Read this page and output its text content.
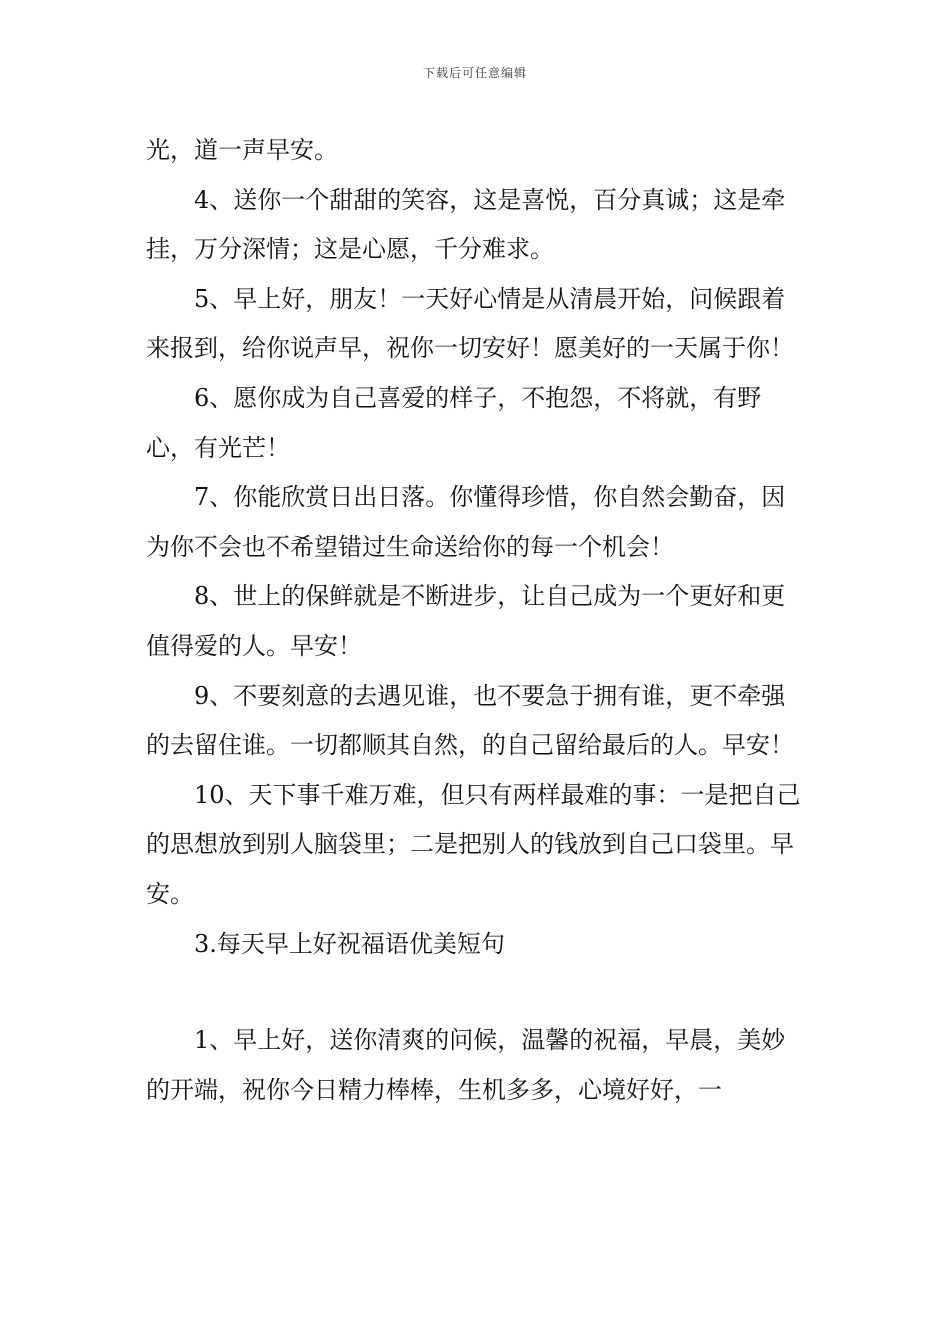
下载后可任意编辑

光，道一声早安。

4、送你一个甜甜的笑容，这是喜悦，百分真诚；这是牵挂，万分深情；这是心愿，千分难求。

5、早上好，朋友！一天好心情是从清晨开始，问候跟着来报到，给你说声早，祝你一切安好！愿美好的一天属于你！

6、愿你成为自己喜爱的样子，不抱怨，不将就，有野心，有光芒！

7、你能欣赏日出日落。你懂得珍惜，你自然会勤奋，因为你不会也不希望错过生命送给你的每一个机会！

8、世上的保鲜就是不断进步，让自己成为一个更好和更值得爱的人。早安！

9、不要刻意的去遇见谁，也不要急于拥有谁，更不牵强的去留住谁。一切都顺其自然，的自己留给最后的人。早安！

10、天下事千难万难，但只有两样最难的事：一是把自己的思想放到别人脑袋里；二是把别人的钱放到自己口袋里。早安。

3.每天早上好祝福语优美短句

1、早上好，送你清爽的问候，温馨的祝福，早晨，美妙的开端，祝你今日精力棒棒，生机多多，心境好好，一
